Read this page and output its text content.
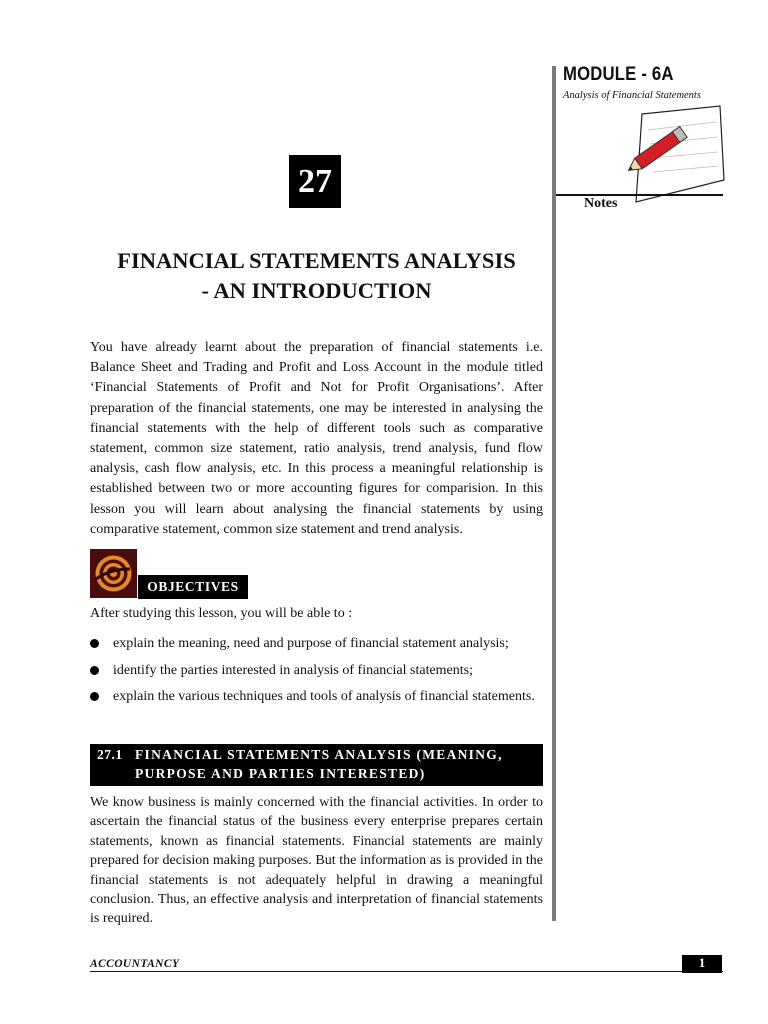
MODULE - 6A
Analysis of Financial Statements
Notes
27
FINANCIAL STATEMENTS ANALYSIS
- AN INTRODUCTION

You have already learnt about the preparation of financial statements i.e. Balance Sheet and Trading and Profit and Loss Account in the module titled ‘Financial Statements of Profit and Not for Profit Organisations’. After preparation of the financial statements, one may be interested in analysing the financial statements with the help of different tools such as comparative statement, common size statement, ratio analysis, trend analysis, fund flow analysis, cash flow analysis, etc. In this process a meaningful relationship is established between two or more accounting figures for comparision. In this lesson you will learn about analysing the financial statements by using comparative statement, common size statement and trend analysis.

OBJECTIVES
After studying this lesson, you will be able to :
explain the meaning, need and purpose of financial statement analysis;
identify the parties interested in analysis of financial statements;
explain the various techniques and tools of analysis of financial statements.
27.1 FINANCIAL STATEMENTS ANALYSIS (MEANING,
PURPOSE AND PARTIES INTERESTED)

We know business is mainly concerned with the financial activities. In order to ascertain the financial status of the business every enterprise prepares certain statements, known as financial statements. Financial statements are mainly prepared for decision making purposes. But the information as is provided in the financial statements is not adequately helpful in drawing a meaningful conclusion. Thus, an effective analysis and interpretation of financial statements is required.

ACCOUNTANCY	1
